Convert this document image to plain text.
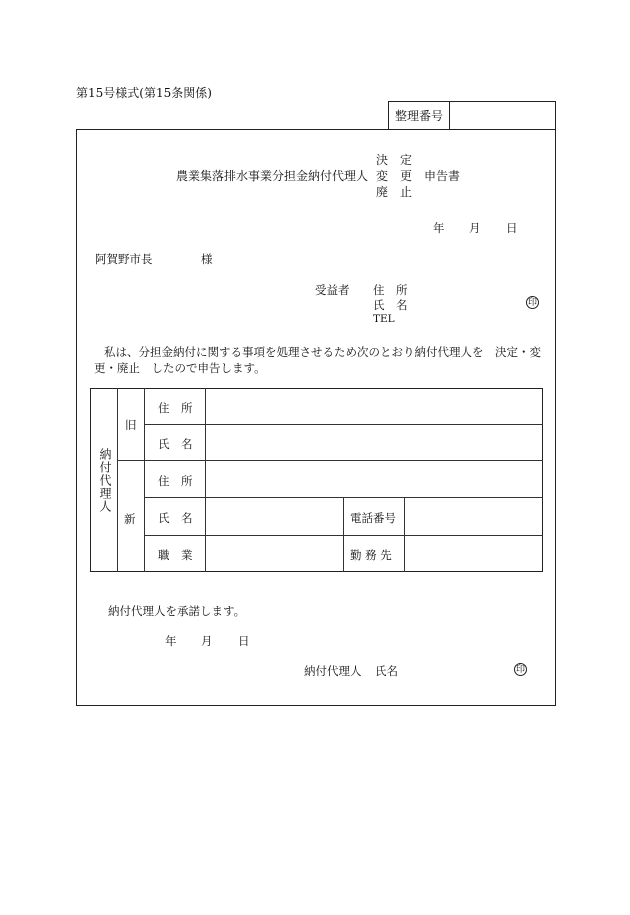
第15号様式(第15条関係)
整理番号
農業集落排水事業分担金納付代理人
決　定
変　更
廃　止
申告書
年 月 日
阿賀野市長	様
受益者 住　所
氏　名
TEL
印
私は、分担金納付に関する事項を処理させるため次のとおり納付代理人を　決定・変
更・廃止　したので申告します。
納付代理人
旧
新
住　所
氏　名
住　所
氏　名
職　業
電話番号
勤 務 先
納付代理人を承諾します。
年 月 日
納付代理人 氏名	印
